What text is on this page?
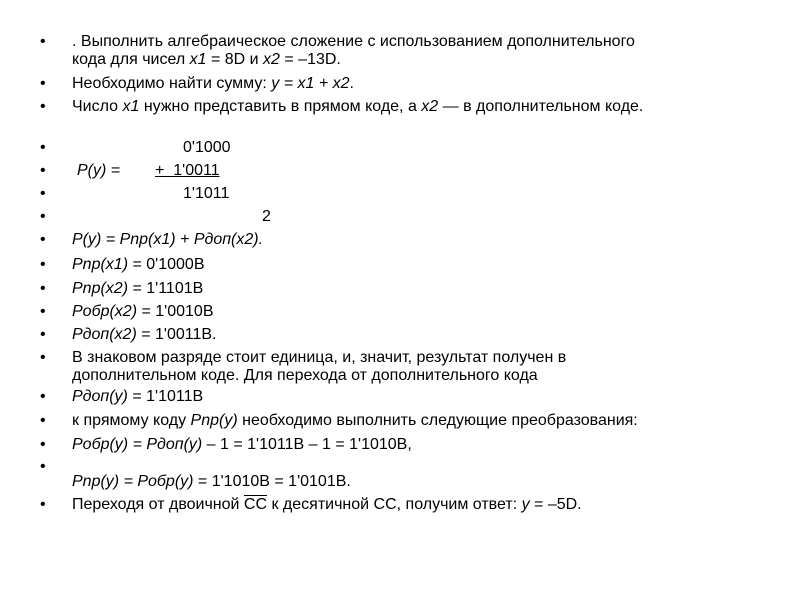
• . Выполнить алгебраическое сложение с использованием дополнительного
кода для чисел x1 = 8D и x2 = –13D.
• Необходимо найти сумму: y = x1 + x2.
• Число x1 нужно представить в прямом коде, а x2 — в дополнительном коде.
•	0'1000
• P(y) = +  1'0011
•	1'1011
•	2
• P(y) = Pnp(x1) + Pдоп(x2).
• Pnp(x1) = 0'1000B
• Pnp(x2) = 1'1101B
• Pобр(x2) = 1'0010B
• Pдоп(x2) = 1'0011B.
• В знаковом разряде стоит единица, и, значит, результат получен в
дополнительном коде. Для перехода от дополнительного кода
• Pдоп(y) = 1'1011B
• к прямому коду Pnp(y) необходимо выполнить следующие преобразования:
• Pобр(y) = Pдоп(y) – 1 = 1'1011B – 1 = 1'1010B,
•
Pnp(y) = Pобр(y) = 1'1010B = 1'0101B.
• Переходя от двоичной СС к десятичной СС, получим ответ: y = –5D.
